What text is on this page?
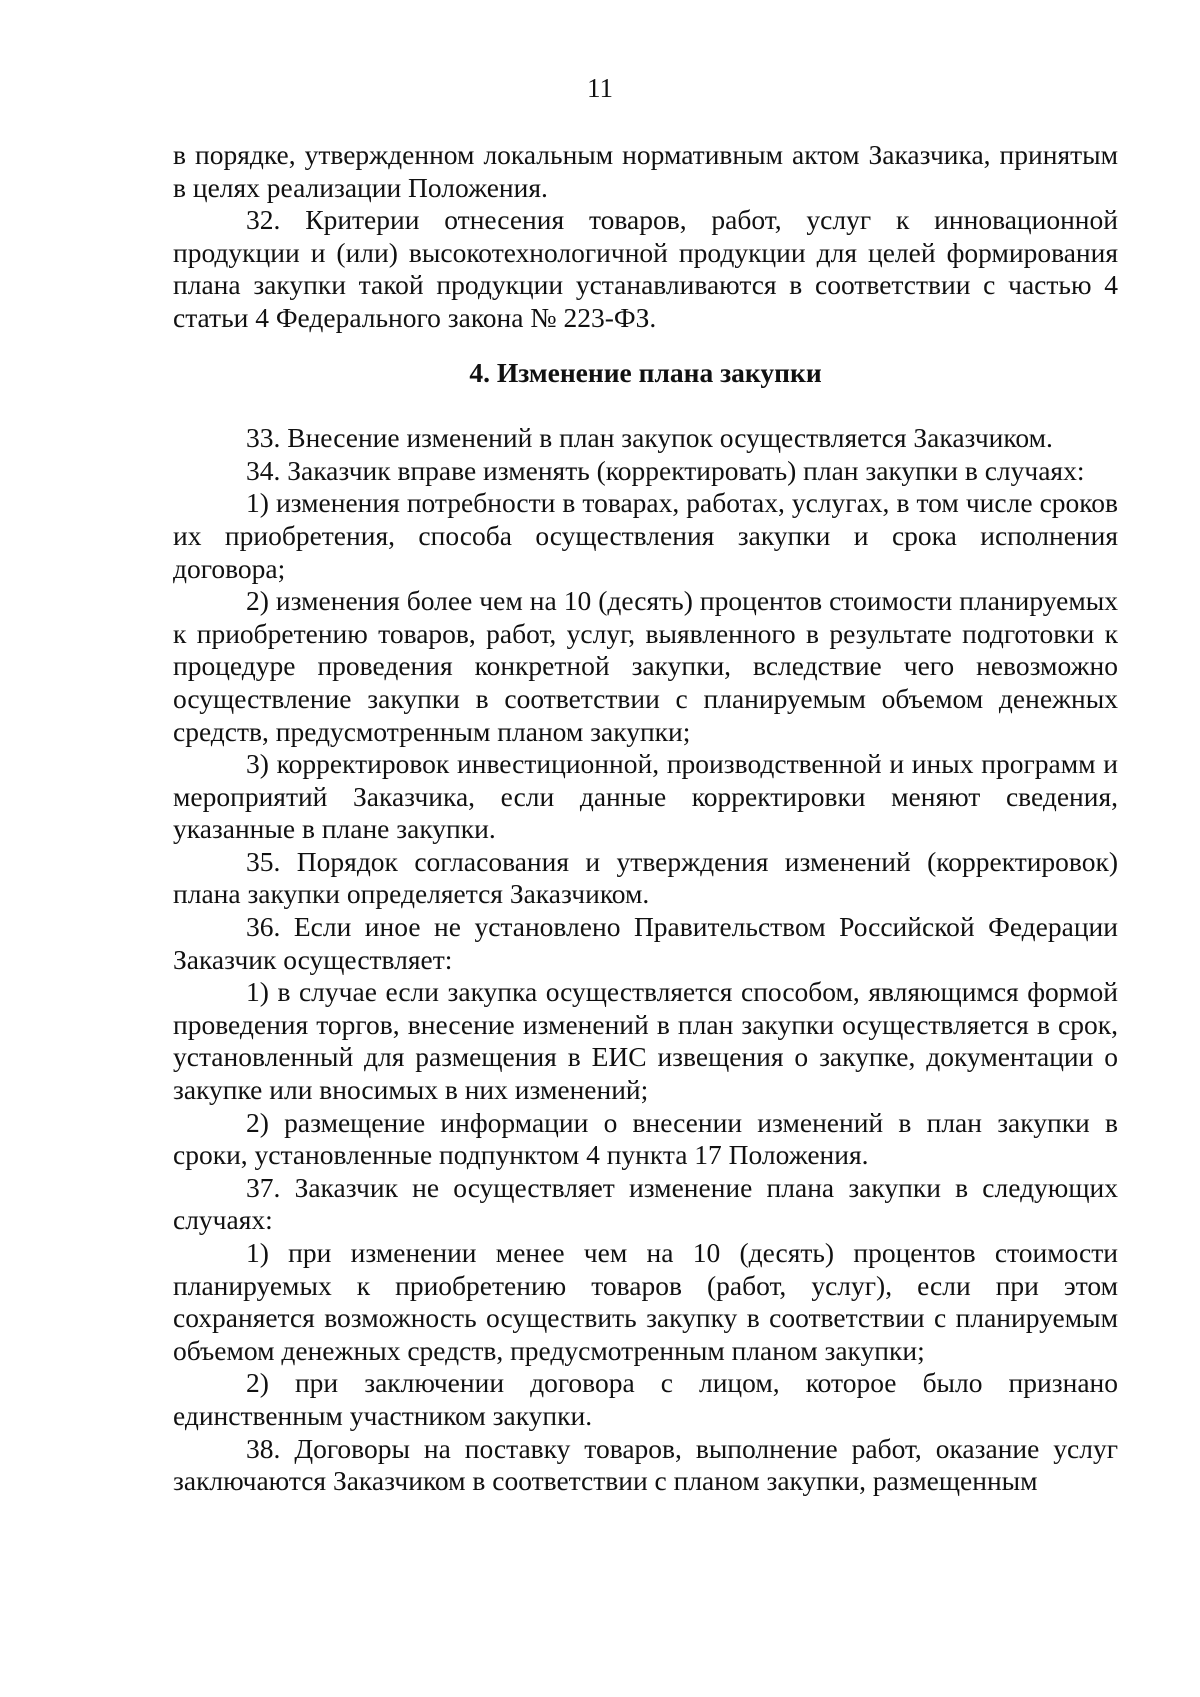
11

в порядке, утвержденном локальным нормативным актом Заказчика, принятым в целях реализации Положения.

32. Критерии отнесения товаров, работ, услуг к инновационной продукции и (или) высокотехнологичной продукции для целей формирования плана закупки такой продукции устанавливаются в соответствии с частью 4 статьи 4 Федерального закона № 223-ФЗ.

4. Изменение плана закупки

33. Внесение изменений в план закупок осуществляется Заказчиком.

34. Заказчик вправе изменять (корректировать) план закупки в случаях:

1) изменения потребности в товарах, работах, услугах, в том числе сроков их приобретения, способа осуществления закупки и срока исполнения договора;

2) изменения более чем на 10 (десять) процентов стоимости планируемых к приобретению товаров, работ, услуг, выявленного в результате подготовки к процедуре проведения конкретной закупки, вследствие чего невозможно осуществление закупки в соответствии с планируемым объемом денежных средств, предусмотренным планом закупки;

3) корректировок инвестиционной, производственной и иных программ и мероприятий Заказчика, если данные корректировки меняют сведения, указанные в плане закупки.

35. Порядок согласования и утверждения изменений (корректировок) плана закупки определяется Заказчиком.

36. Если иное не установлено Правительством Российской Федерации Заказчик осуществляет:

1) в случае если закупка осуществляется способом, являющимся формой проведения торгов, внесение изменений в план закупки осуществляется в срок, установленный для размещения в ЕИС извещения о закупке, документации о закупке или вносимых в них изменений;

2) размещение информации о внесении изменений в план закупки в сроки, установленные подпунктом 4 пункта 17 Положения.

37. Заказчик не осуществляет изменение плана закупки в следующих случаях:

1) при изменении менее чем на 10 (десять) процентов стоимости планируемых к приобретению товаров (работ, услуг), если при этом сохраняется возможность осуществить закупку в соответствии с планируемым объемом денежных средств, предусмотренным планом закупки;

2) при заключении договора с лицом, которое было признано единственным участником закупки.

38. Договоры на поставку товаров, выполнение работ, оказание услуг заключаются Заказчиком в соответствии с планом закупки, размещенным
